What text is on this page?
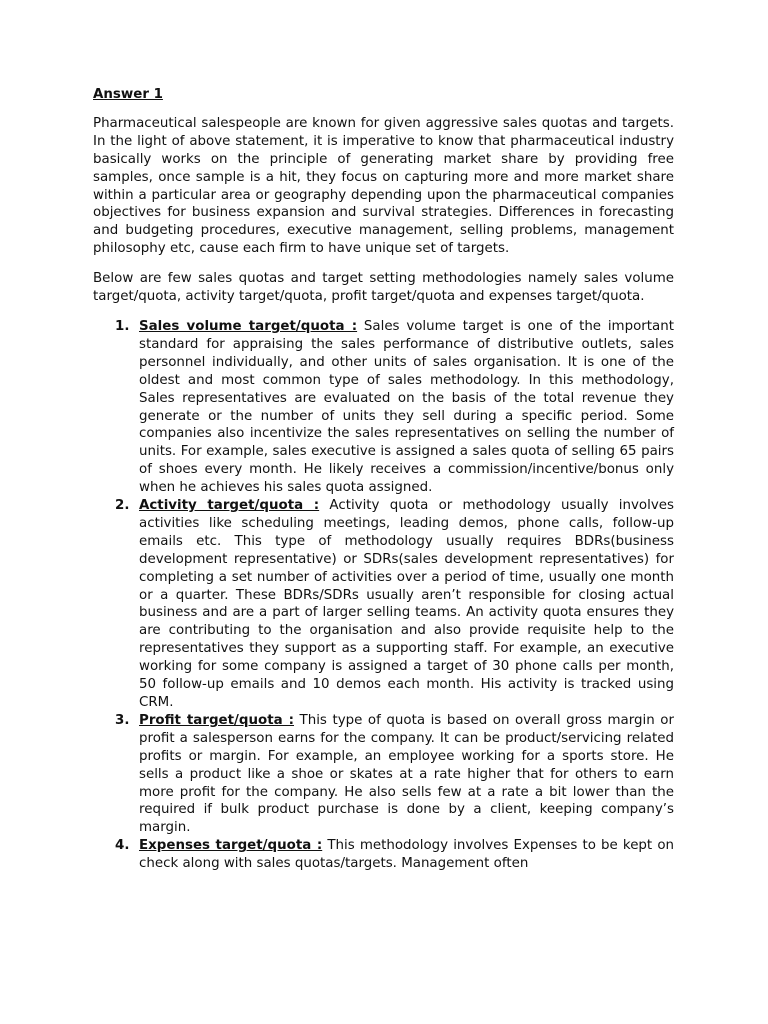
Answer 1

Pharmaceutical salespeople are known for given aggressive sales quotas and targets. In the light of above statement, it is imperative to know that pharmaceutical industry basically works on the principle of generating market share by providing free samples, once sample is a hit, they focus on capturing more and more market share within a particular area or geography depending upon the pharmaceutical companies objectives for business expansion and survival strategies. Differences in forecasting and budgeting procedures, executive management, selling problems, management philosophy etc, cause each firm to have unique set of targets.

Below are few sales quotas and target setting methodologies namely sales volume target/quota, activity target/quota, profit target/quota and expenses target/quota.

1. Sales volume target/quota : Sales volume target is one of the important standard for appraising the sales performance of distributive outlets, sales personnel individually, and other units of sales organisation. It is one of the oldest and most common type of sales methodology. In this methodology, Sales representatives are evaluated on the basis of the total revenue they generate or the number of units they sell during a specific period. Some companies also incentivize the sales representatives on selling the number of units. For example, sales executive is assigned a sales quota of selling 65 pairs of shoes every month. He likely receives a commission/incentive/bonus only when he achieves his sales quota assigned.
2. Activity target/quota : Activity quota or methodology usually involves activities like scheduling meetings, leading demos, phone calls, follow-up emails etc. This type of methodology usually requires BDRs(business development representative) or SDRs(sales development representatives) for completing a set number of activities over a period of time, usually one month or a quarter. These BDRs/SDRs usually aren’t responsible for closing actual business and are a part of larger selling teams. An activity quota ensures they are contributing to the organisation and also provide requisite help to the representatives they support as a supporting staff. For example, an executive working for some company is assigned a target of 30 phone calls per month, 50 follow-up emails and 10 demos each month. His activity is tracked using CRM.
3. Profit target/quota : This type of quota is based on overall gross margin or profit a salesperson earns for the company. It can be product/servicing related profits or margin. For example, an employee working for a sports store. He sells a product like a shoe or skates at a rate higher that for others to earn more profit for the company. He also sells few at a rate a bit lower than the required if bulk product purchase is done by a client, keeping company’s margin.
4. Expenses target/quota : This methodology involves Expenses to be kept on check along with sales quotas/targets. Management often
